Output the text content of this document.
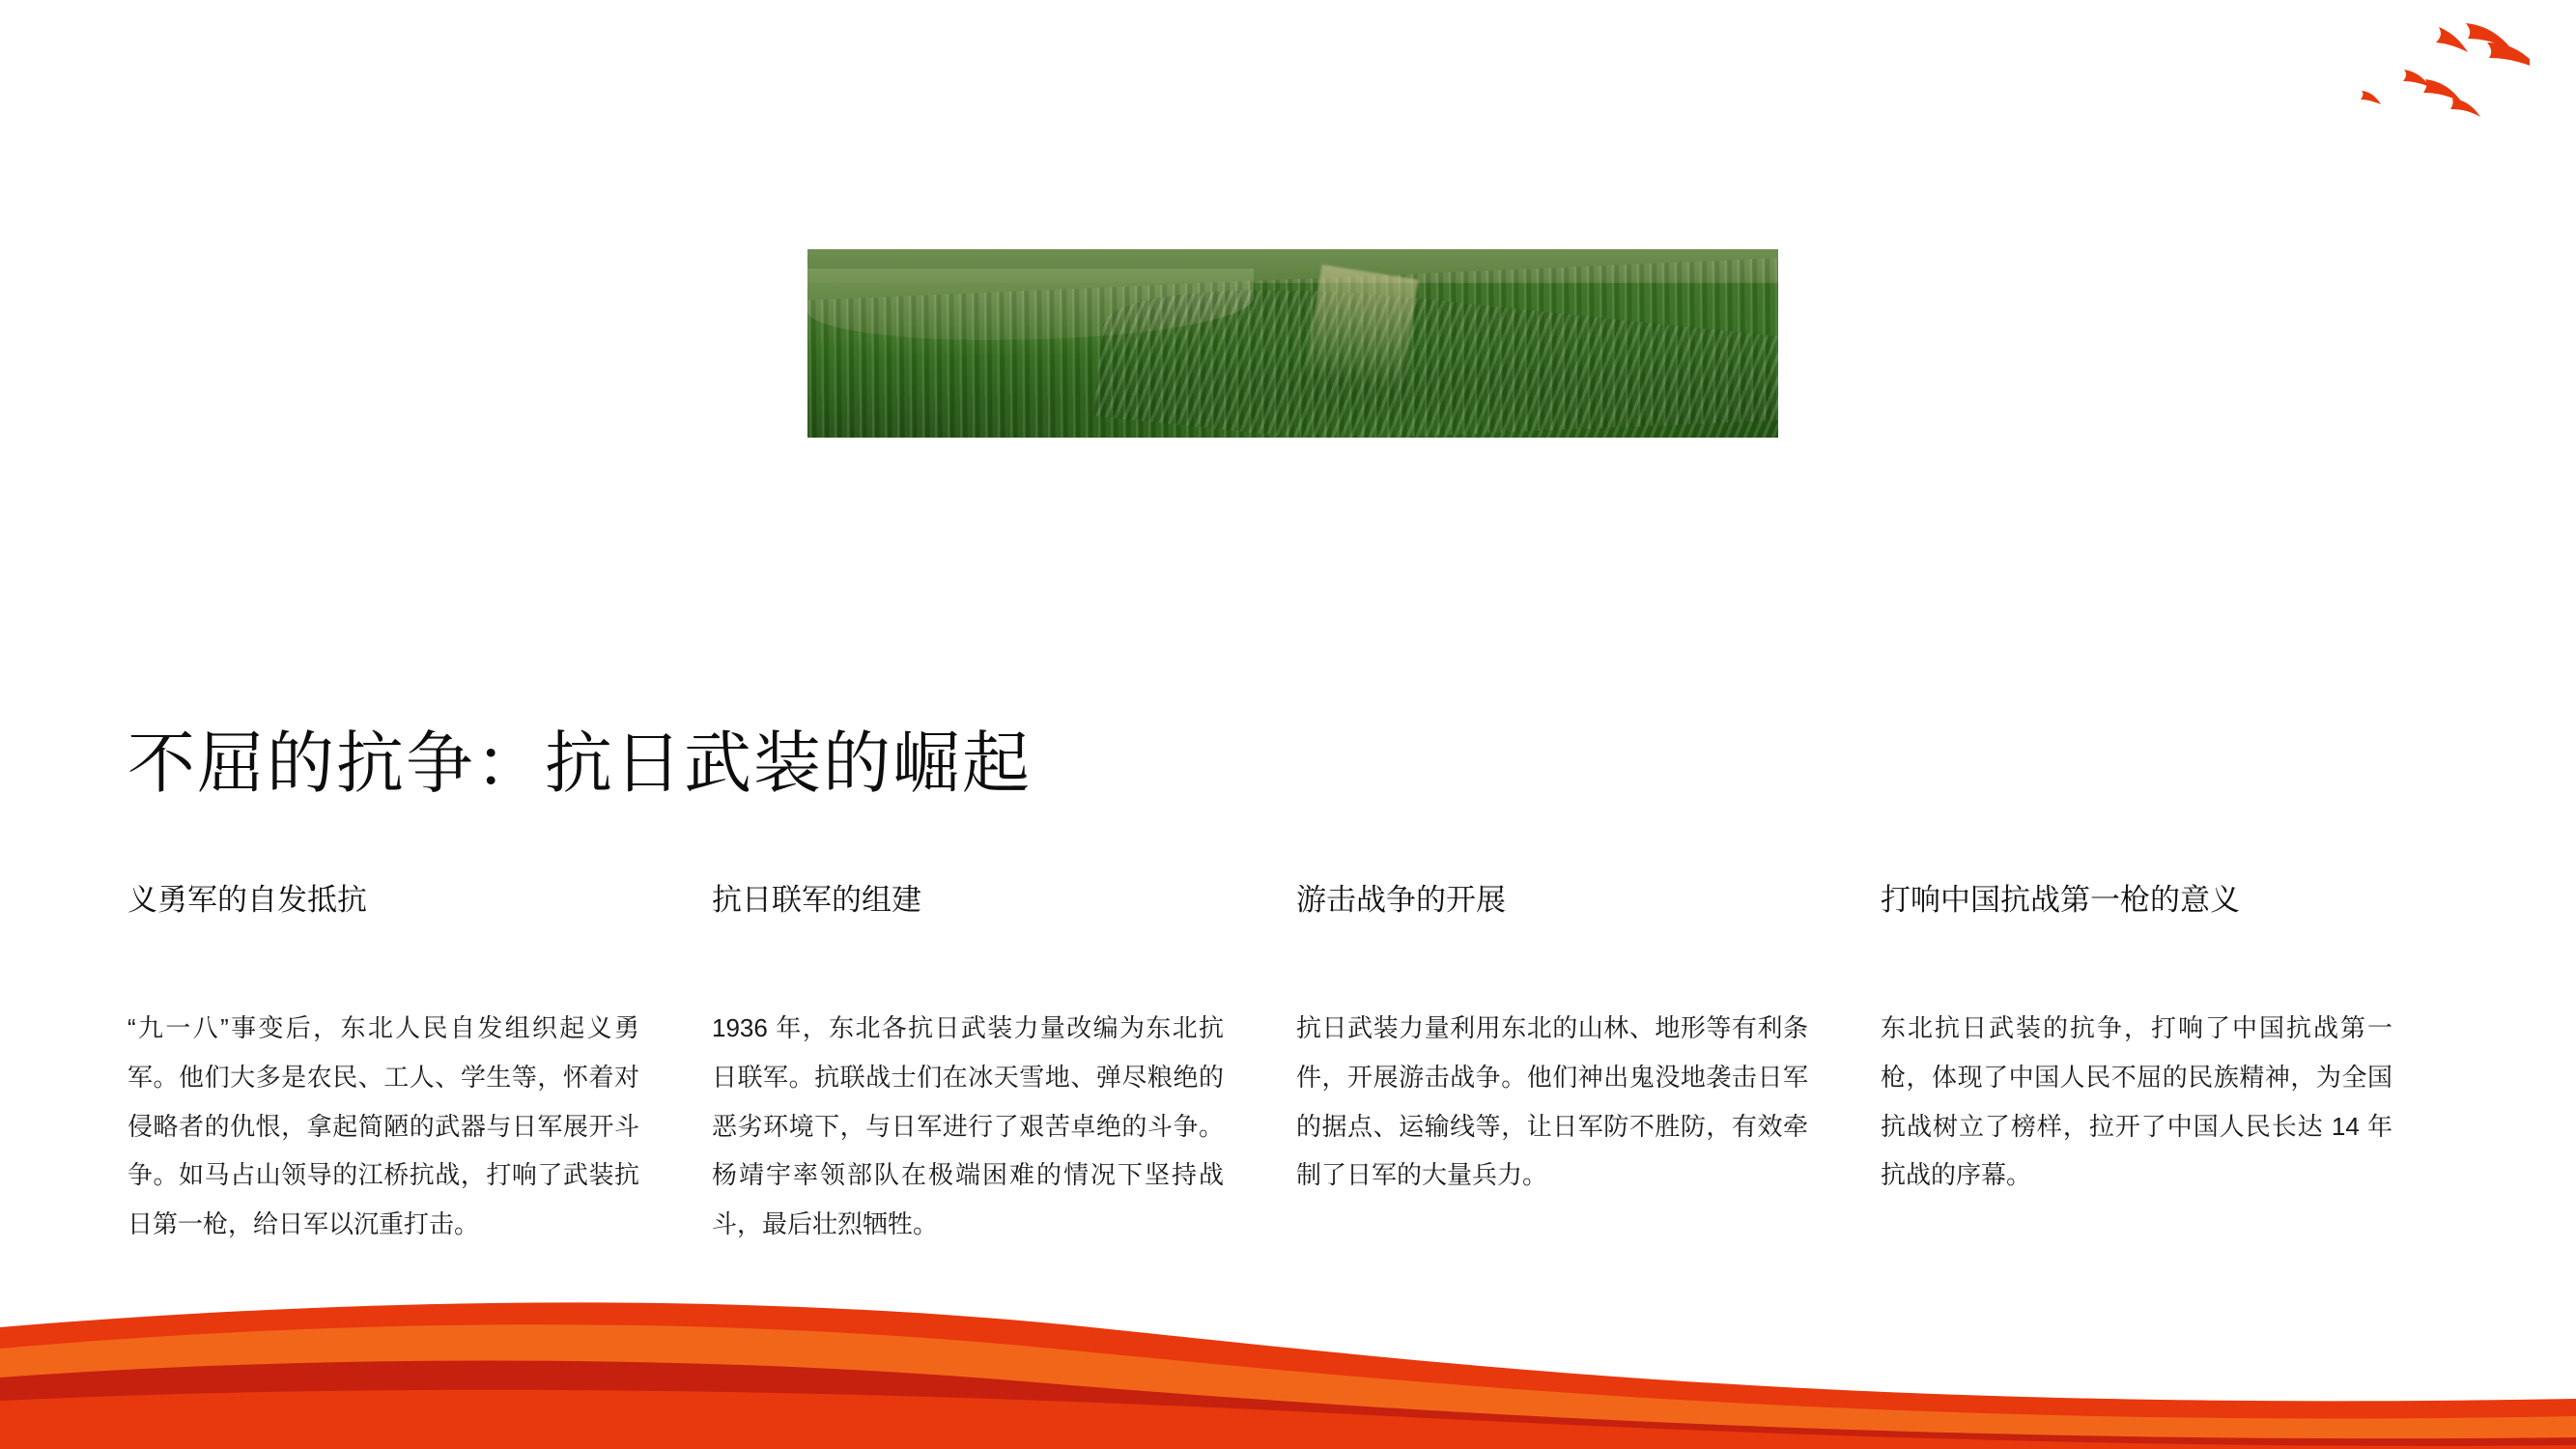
不屈的抗争：抗日武装的崛起
义勇军的自发抵抗
“九一八”事变后，东北人民自发组织起义勇军。他们大多是农民、工人、学生等，怀着对侵略者的仇恨，拿起简陋的武器与日军展开斗争。如马占山领导的江桥抗战，打响了武装抗日第一枪，给日军以沉重打击。
抗日联军的组建
1936 年，东北各抗日武装力量改编为东北抗日联军。抗联战士们在冰天雪地、弹尽粮绝的恶劣环境下，与日军进行了艰苦卓绝的斗争。杨靖宇率领部队在极端困难的情况下坚持战斗，最后壮烈牺牲。
游击战争的开展
抗日武装力量利用东北的山林、地形等有利条件，开展游击战争。他们神出鬼没地袭击日军的据点、运输线等，让日军防不胜防，有效牵制了日军的大量兵力。
打响中国抗战第一枪的意义
东北抗日武装的抗争，打响了中国抗战第一枪，体现了中国人民不屈的民族精神，为全国抗战树立了榜样，拉开了中国人民长达 14 年抗战的序幕。
